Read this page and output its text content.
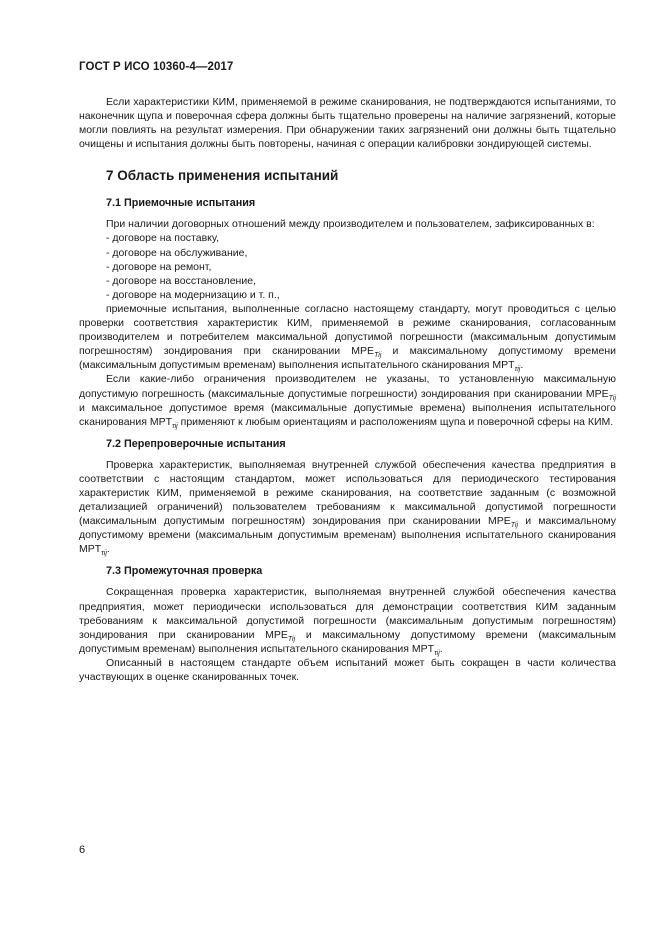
ГОСТ Р ИСО 10360-4—2017

Если характеристики КИМ, применяемой в режиме сканирования, не подтверждаются испытаниями, то наконечник щупа и поверочная сфера должны быть тщательно проверены на наличие загрязнений, которые могли повлиять на результат измерения. При обнаружении таких загрязнений они должны быть тщательно очищены и испытания должны быть повторены, начиная с операции калибровки зондирующей системы.

7 Область применения испытаний
7.1 Приемочные испытания

При наличии договорных отношений между производителем и пользователем, зафиксированных в:

- договоре на поставку,
- договоре на обслуживание,
- договоре на ремонт,
- договоре на восстановление,
- договоре на модернизацию и т. п.,

приемочные испытания, выполненные согласно настоящему стандарту, могут проводиться с целью проверки соответствия характеристик КИМ, применяемой в режиме сканирования, согласованным производителем и потребителем максимальной допустимой погрешности (максимальным допустимым погрешностям) зондирования при сканировании $MPE_{Tij}$ и максимальному допустимому времени (максимальным допустимым временам) выполнения испытательного сканирования $MPT_{\tau ij}$.

Если какие-либо ограничения производителем не указаны, то установленную максимальную допустимую погрешность (максимальные допустимые погрешности) зондирования при сканировании $MPE_{Tij}$ и максимальное допустимое время (максимальные допустимые времена) выполнения испытательного сканирования $MPT_{\tau ij}$ применяют к любым ориентациям и расположениям щупа и поверочной сферы на КИМ.

7.2 Перепроверочные испытания

Проверка характеристик, выполняемая внутренней службой обеспечения качества предприятия в соответствии с настоящим стандартом, может использоваться для периодического тестирования характеристик КИМ, применяемой в режиме сканирования, на соответствие заданным (с возможной детализацией ограничений) пользователем требованиям к максимальной допустимой погрешности (максимальным допустимым погрешностям) зондирования при сканировании $MPE_{Tij}$ и максимальному допустимому времени (максимальным допустимым временам) выполнения испытательного сканирования $MPT_{\tau ij}$.

7.3 Промежуточная проверка

Сокращенная проверка характеристик, выполняемая внутренней службой обеспечения качества предприятия, может периодически использоваться для демонстрации соответствия КИМ заданным требованиям к максимальной допустимой погрешности (максимальным допустимым погрешностям) зондирования при сканировании $MPE_{Tij}$ и максимальному допустимому времени (максимальным допустимым временам) выполнения испытательного сканирования $MPT_{\tau ij}$.

Описанный в настоящем стандарте объем испытаний может быть сокращен в части количества участвующих в оценке сканированных точек.

6
